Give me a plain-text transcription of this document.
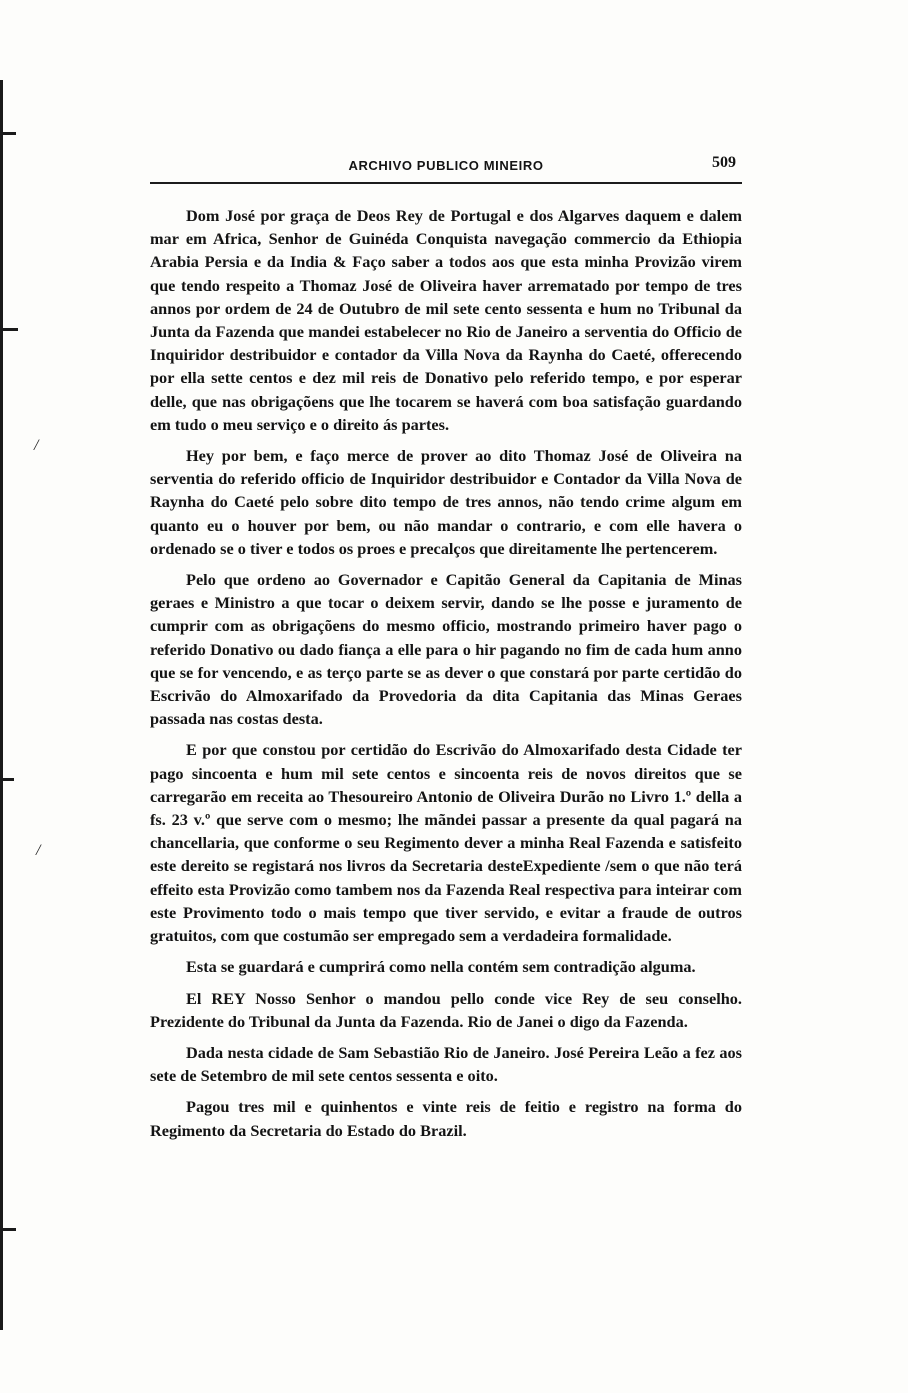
/
/
ARCHIVO PUBLICO MINEIRO	509

Dom José por graça de Deos Rey de Portugal e dos Algarves daquem e dalem mar em Africa, Senhor de Guinéda Conquista navegação commercio da Ethiopia Arabia Persia e da India & Faço saber a todos aos que esta minha Provizão virem que tendo respeito a Thomaz José de Oliveira haver arrematado por tempo de tres annos por ordem de 24 de Outubro de mil sete cento sessenta e hum no Tribunal da Junta da Fazenda que mandei estabelecer no Rio de Janeiro a serventia do Officio de Inquiridor destribuidor e contador da Villa Nova da Raynha do Caeté, offerecendo por ella sette centos e dez mil reis de Donativo pelo referido tempo, e por esperar delle, que nas obrigaçõens que lhe tocarem se haverá com boa satisfação guardando em tudo o meu serviço e o direito ás partes.

Hey por bem, e faço merce de prover ao dito Thomaz José de Oliveira na serventia do referido officio de Inquiridor destribuidor e Contador da Villa Nova de Raynha do Caeté pelo sobre dito tempo de tres annos, não tendo crime algum em quanto eu o houver por bem, ou não mandar o contrario, e com elle havera o ordenado se o tiver e todos os proes e precalços que direitamente lhe pertencerem.

Pelo que ordeno ao Governador e Capitão General da Capitania de Minas geraes e Ministro a que tocar o deixem servir, dando se lhe posse e juramento de cumprir com as obrigaçõens do mesmo officio, mostrando primeiro haver pago o referido Donativo ou dado fiança a elle para o hir pagando no fim de cada hum anno que se for vencendo, e as terço parte se as dever o que constará por parte certidão do Escrivão do Almoxarifado da Provedoria da dita Capitania das Minas Geraes passada nas costas desta.

E por que constou por certidão do Escrivão do Almoxarifado desta Cidade ter pago sincoenta e hum mil sete centos e sincoenta reis de novos direitos que se carregarão em receita ao Thesoureiro Antonio de Oliveira Durão no Livro 1.º della a fs. 23 v.º que serve com o mesmo; lhe mãndei passar a presente da qual pagará na chancellaria, que conforme o seu Regimento dever a minha Real Fazenda e satisfeito este dereito se registará nos livros da Secretaria desteExpediente /sem o que não terá effeito esta Provizão como tambem nos da Fazenda Real respectiva para inteirar com este Provimento todo o mais tempo que tiver servido, e evitar a fraude de outros gratuitos, com que costumão ser empregado sem a verdadeira formalidade.

Esta se guardará e cumprirá como nella contém sem contradição alguma.

El REY Nosso Senhor o mandou pello conde vice Rey de seu conselho. Prezidente do Tribunal da Junta da Fazenda. Rio de Janei o digo da Fazenda.

Dada nesta cidade de Sam Sebastião Rio de Janeiro. José Pereira Leão a fez aos sete de Setembro de mil sete centos sessenta e oito.

Pagou tres mil e quinhentos e vinte reis de feitio e registro na forma do Regimento da Secretaria do Estado do Brazil.
